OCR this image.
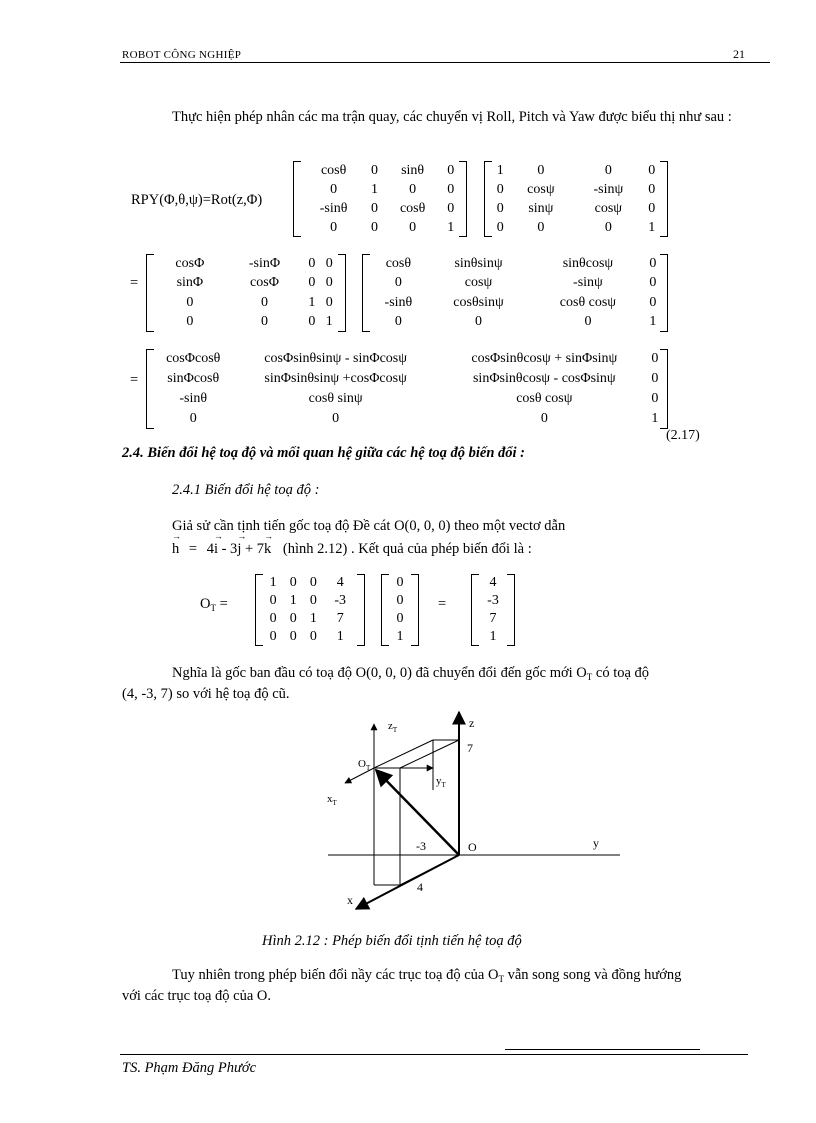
ROBOT CÔNG NGHIỆP	21
Thực hiện phép nhân các ma trận quay, các chuyển vị Roll, Pitch và Yaw được biểu thị như sau :
RPY(Φ,θ,ψ)=Rot(z,Φ)
cosθ	0	sinθ	0
0	1	0	0
-sinθ	0	cosθ	0
0	0	0	1
1	0	0	0
0	cosψ	-sinψ	0
0	sinψ	cosψ	0
0	0	0	1
=
cosΦ	-sinΦ	0	0
sinΦ	cosΦ	0	0
0	0	1	0
0	0	0	1
cosθ	sinθsinψ	sinθcosψ	0
0	cosψ	-sinψ	0
-sinθ	cosθsinψ	cosθ cosψ	0
0	0	0	1
=
cosΦcosθ	cosΦsinθsinψ - sinΦcosψ	cosΦsinθcosψ + sinΦsinψ	0
sinΦcosθ	sinΦsinθsinψ +cosΦcosψ	sinΦsinθcosψ - cosΦsinψ	0
-sinθ	cosθ sinψ	cosθ cosψ	0
0	0	0	1
(2.17)
2.4. Biến đổi hệ toạ độ và mối quan hệ giữa các hệ toạ độ biến đổi :
2.4.1 Biến đổi hệ toạ độ :
Giả sử cần tịnh tiến gốc toạ độ Đề cát O(0, 0, 0) theo một vectơ dẫn
→ h = 4→ i - 3→ j + 7→ k (hình 2.12) . Kết quả của phép biến đổi là :
$O_T$ =
1	0	0	4
0	1	0	-3
0	0	1	7
0	0	0	1
0
0
0
1
=
4
-3
7
1
Nghĩa là gốc ban đầu có toạ độ O(0, 0, 0) đã chuyển đổi đến gốc mới $O_T$ có toạ độ
(4, -3, 7) so với hệ toạ độ cũ.
$z_T$	z
7
$O_T$
$y_T$
$x_T$
-3	O	y
4
x
Hình 2.12 : Phép biến đổi tịnh tiến hệ toạ độ
Tuy nhiên trong phép biến đổi nầy các trục toạ độ của $O_T$ vẫn song song và đồng hướng
với các trục toạ độ của O.
TS. Phạm Đăng Phước
